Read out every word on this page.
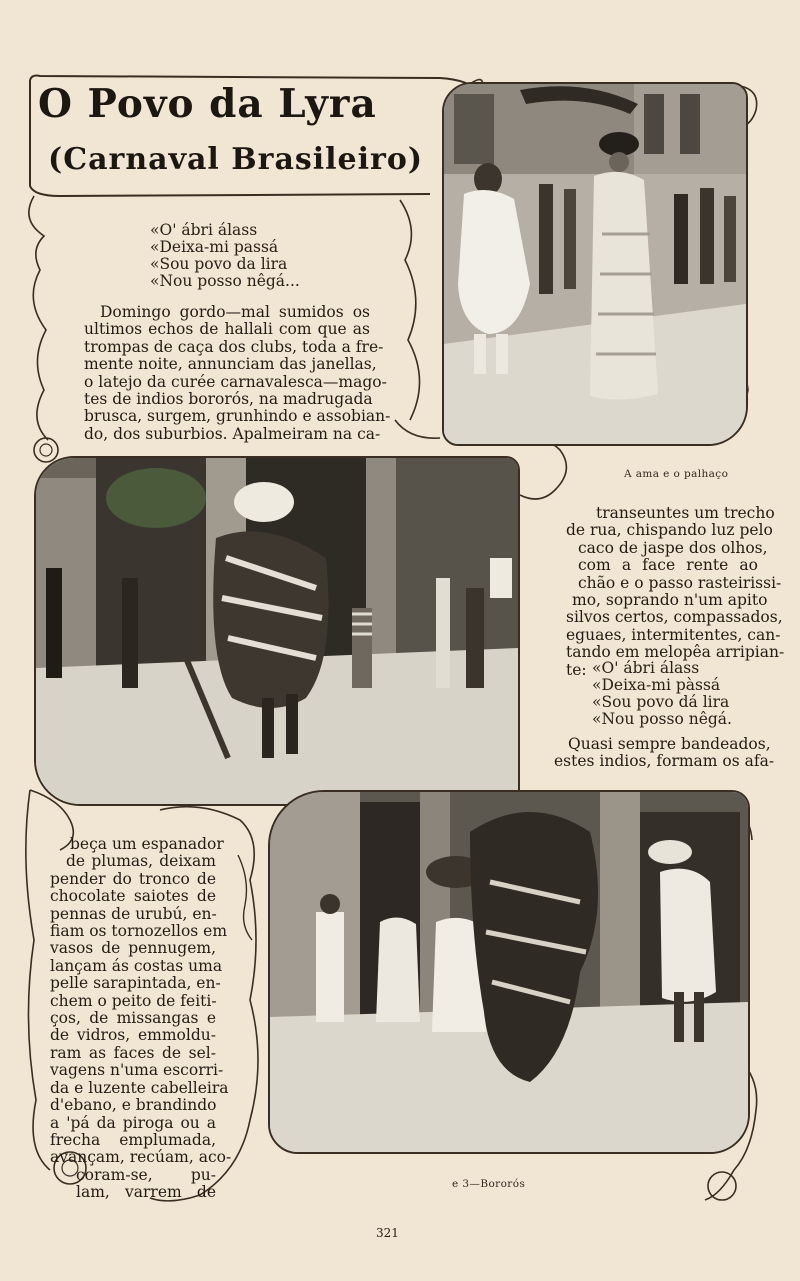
O Povo da Lyra
(Carnaval Brasileiro)
«O' ábri álass
«Deixa-mi passá
«Sou povo da lira
«Nou posso nêgá...
Domingo gordo—mal sumidos os
ultimos echos de hallali com que as
trompas de caça dos clubs, toda a fre-
mente noite, annunciam das janellas,
o latejo da curée carnavalesca—mago-
tes de indios bororós, na madrugada
brusca, surgem, grunhindo e assobian-
do, dos suburbios. Apalmeiram na ca-

A ama e o palhaço

transeuntes um trecho
de rua, chispando luz pelo
caco de jaspe dos olhos,
com a face rente ao
chão e o passo rasteirissi-
mo, soprando n'um apito
silvos certos, compassados,
eguaes, intermitentes, can-
tando em melopêa arripian-
te: «O' ábri álass
«Deixa-mi pàssá
«Sou povo dá lira
«Nou posso nêgá.
Quasi sempre bandeados,
estes indios, formam os afa-
beça um espanador
de plumas, deixam
pender do tronco de
chocolate saiotes de
pennas de urubú, en-
fiam os tornozellos em
vasos de pennugem,
lançam ás costas uma
pelle sarapintada, en-
chem o peito de feiti-
ços, de missangas e
de vidros, emmoldu-
ram as faces de sel-
vagens n'uma escorri-
da e luzente cabelleira
d'ebano, e brandindo
a 'pá da piroga ou a
frecha emplumada,
avançam, recúam, aco-
coram-se, pu-
lam, varrem de	e 3—Bororós

321
